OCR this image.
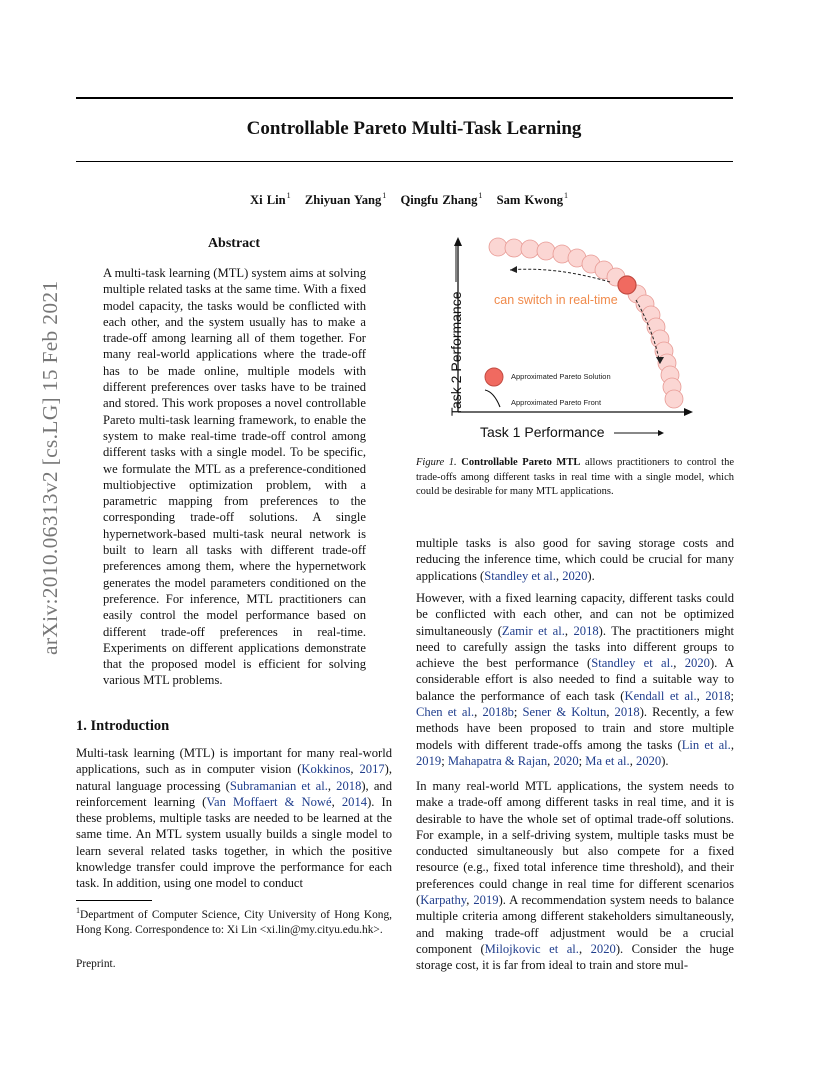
Controllable Pareto Multi-Task Learning
Xi Lin$^1$ Zhiyuan Yang$^1$ Qingfu Zhang$^1$ Sam Kwong$^1$
arXiv:2010.06313v2 [cs.LG] 15 Feb 2021
Abstract
A multi-task learning (MTL) system aims at solving multiple related tasks at the same time. With a fixed model capacity, the tasks would be conflicted with each other, and the system usually has to make a trade-off among learning all of them together. For many real-world applications where the trade-off has to be made online, multiple models with different preferences over tasks have to be trained and stored. This work proposes a novel controllable Pareto multi-task learning framework, to enable the system to make real-time trade-off control among different tasks with a single model. To be specific, we formulate the MTL as a preference-conditioned multiobjective optimization problem, with a parametric mapping from preferences to the corresponding trade-off solutions. A single hypernetwork-based multi-task neural network is built to learn all tasks with different trade-off preferences among them, where the hypernetwork generates the model parameters conditioned on the preference. For inference, MTL practitioners can easily control the model performance based on different trade-off preferences in real-time. Experiments on different applications demonstrate that the proposed model is efficient for solving various MTL problems.
1. Introduction
Multi-task learning (MTL) is important for many real-world applications, such as in computer vision (Kokkinos, 2017), natural language processing (Subramanian et al., 2018), and reinforcement learning (Van Moffaert & Nowé, 2014). In these problems, multiple tasks are needed to be learned at the same time. An MTL system usually builds a single model to learn several related tasks together, in which the positive knowledge transfer could improve the performance for each task. In addition, using one model to conduct
$^1$Department of Computer Science, City University of Hong Kong, Hong Kong. Correspondence to: Xi Lin <xi.lin@my.cityu.edu.hk>.
Preprint.
can switch in real-time
Approximated Pareto Solution
Approximated Pareto Front
Task 1 Performance
Task 2 Performance
Figure 1. Controllable Pareto MTL allows practitioners to control the trade-offs among different tasks in real time with a single model, which could be desirable for many MTL applications.
multiple tasks is also good for saving storage costs and reducing the inference time, which could be crucial for many applications (Standley et al., 2020).
However, with a fixed learning capacity, different tasks could be conflicted with each other, and can not be optimized simultaneously (Zamir et al., 2018). The practitioners might need to carefully assign the tasks into different groups to achieve the best performance (Standley et al., 2020). A considerable effort is also needed to find a suitable way to balance the performance of each task (Kendall et al., 2018; Chen et al., 2018b; Sener & Koltun, 2018). Recently, a few methods have been proposed to train and store multiple models with different trade-offs among the tasks (Lin et al., 2019; Mahapatra & Rajan, 2020; Ma et al., 2020).
In many real-world MTL applications, the system needs to make a trade-off among different tasks in real time, and it is desirable to have the whole set of optimal trade-off solutions. For example, in a self-driving system, multiple tasks must be conducted simultaneously but also compete for a fixed resource (e.g., fixed total inference time threshold), and their preferences could change in real time for different scenarios (Karpathy, 2019). A recommendation system needs to balance multiple criteria among different stakeholders simultaneously, and making trade-off adjustment would be a crucial component (Milojkovic et al., 2020). Consider the huge storage cost, it is far from ideal to train and store mul-
